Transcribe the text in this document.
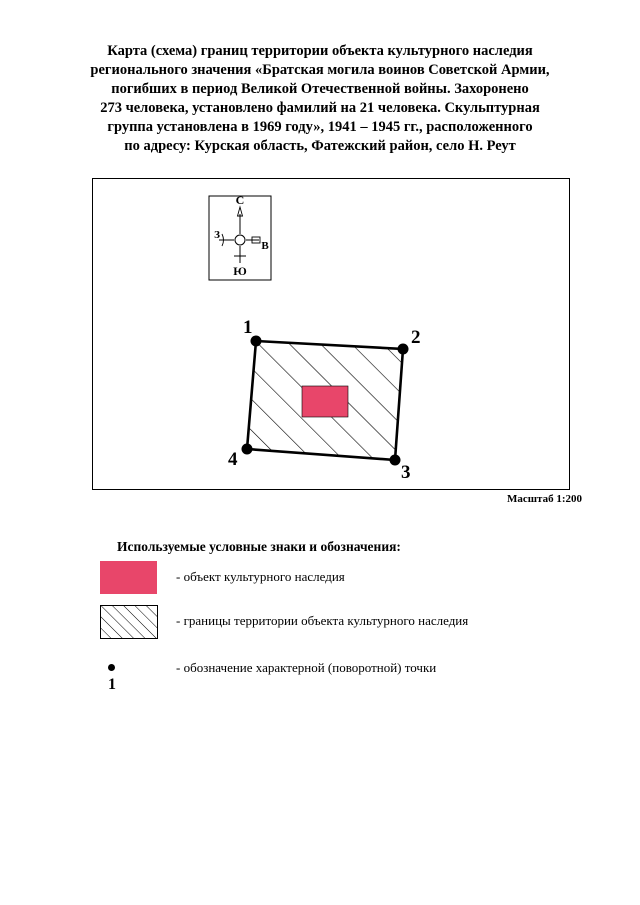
Карта (схема) границ территории объекта культурного наследия
регионального значения «Братская могила воинов Советской Армии,
погибших в период Великой Отечественной войны. Захоронено
273 человека, установлено фамилий на 21 человека. Скульптурная
группа установлена в 1969 году», 1941 – 1945 гг., расположенного
по адресу: Курская область, Фатежский район, село Н. Реут
С
Ю
З
В
1	2
3
4
Масштаб 1:200
Используемые условные знаки и обозначения:
- объект культурного наследия
- границы территории объекта культурного наследия
1
- обозначение характерной (поворотной) точки
